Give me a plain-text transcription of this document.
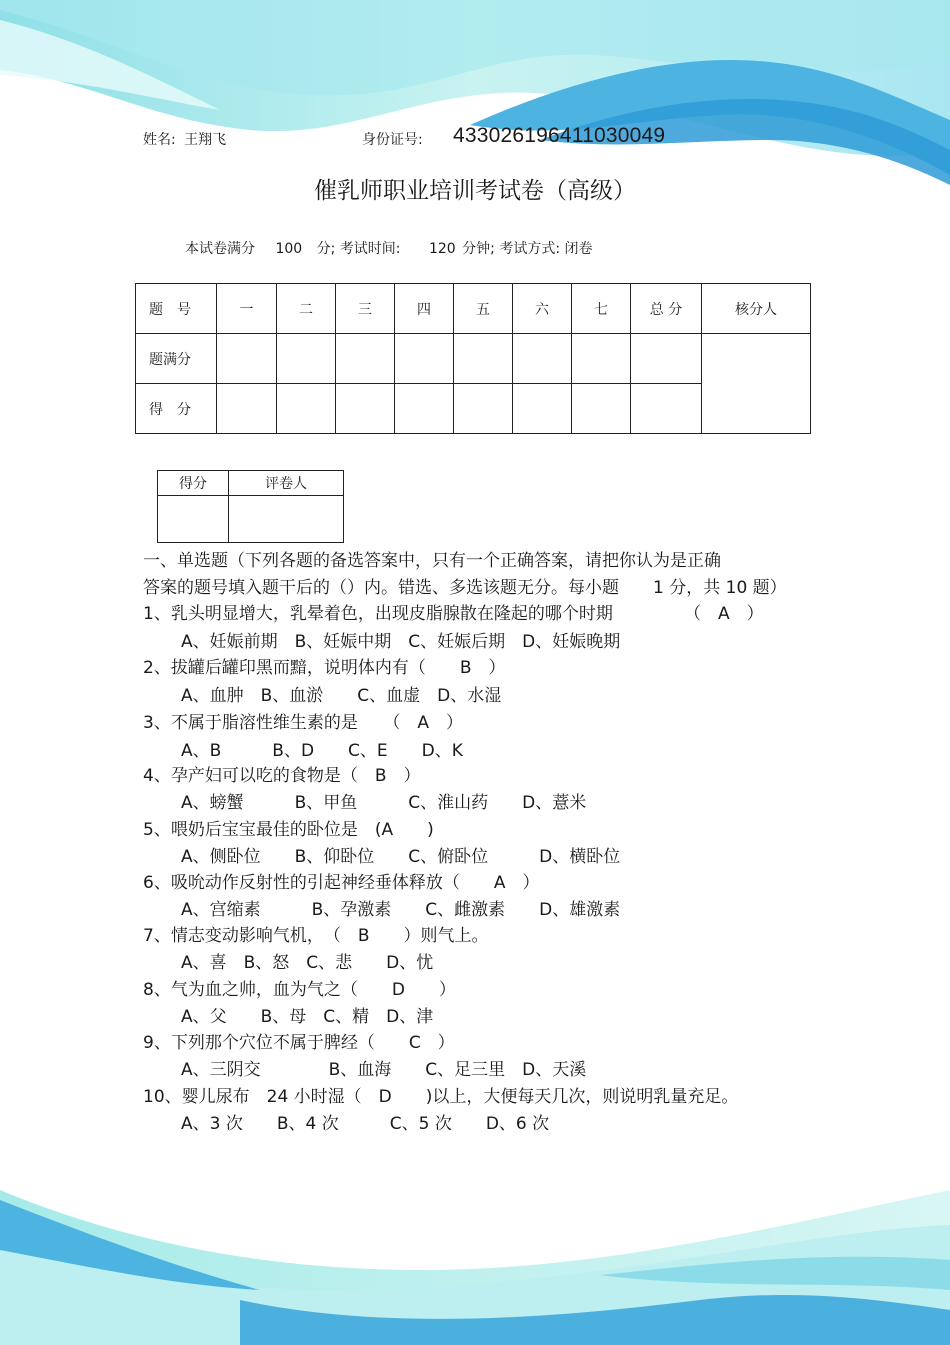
姓名: 王翔飞	身份证号: 433026196411030049
催乳师职业培训考试卷（高级）
本试卷满分 100 分; 考试时间: 120 分钟; 考试方式: 闭卷
题　号	一	二	三	四	五	六	七	总 分	核分人
题满分									
得　分									
得分	评卷人

一、单选题（下列各题的备选答案中，只有一个正确答案，请把你认为是正确
答案的题号填入题干后的（）内。错选、多选该题无分。每小题　　1 分，共 10 题）
1、乳头明显增大，乳晕着色，出现皮脂腺散在隆起的哪个时期	（　A　）
A、妊娠前期　B、妊娠中期　C、妊娠后期　D、妊娠晚期
2、拔罐后罐印黑而黯，说明体内有（　　B　）
A、血肿　B、血淤　　C、血虚　D、水湿
3、不属于脂溶性维生素的是　　（　A　）
A、B　　　B、D　　C、E　　D、K
4、孕产妇可以吃的食物是（　B　）
A、螃蟹　　　B、甲鱼　　　C、淮山药　　D、薏米
5、喂奶后宝宝最佳的卧位是　(A　　)
A、侧卧位　　B、仰卧位　　C、俯卧位　　　D、横卧位
6、吸吮动作反射性的引起神经垂体释放（　　A　）
A、宫缩素　　　B、孕激素　　C、雌激素　　D、雄激素
7、情志变动影响气机，　（　B　　）则气上。
A、喜　B、怒　C、悲　　D、忧
8、气为血之帅，血为气之（　　D　　）
A、父　　B、母　C、精　D、津
9、下列那个穴位不属于脾经（　　C　）
A、三阴交　　　　B、血海　　C、足三里　D、天溪
10、婴儿尿布　24 小时湿（　D　　)以上，大便每天几次，则说明乳量充足。
A、3 次　　B、4 次　　　C、5 次　　D、6 次
